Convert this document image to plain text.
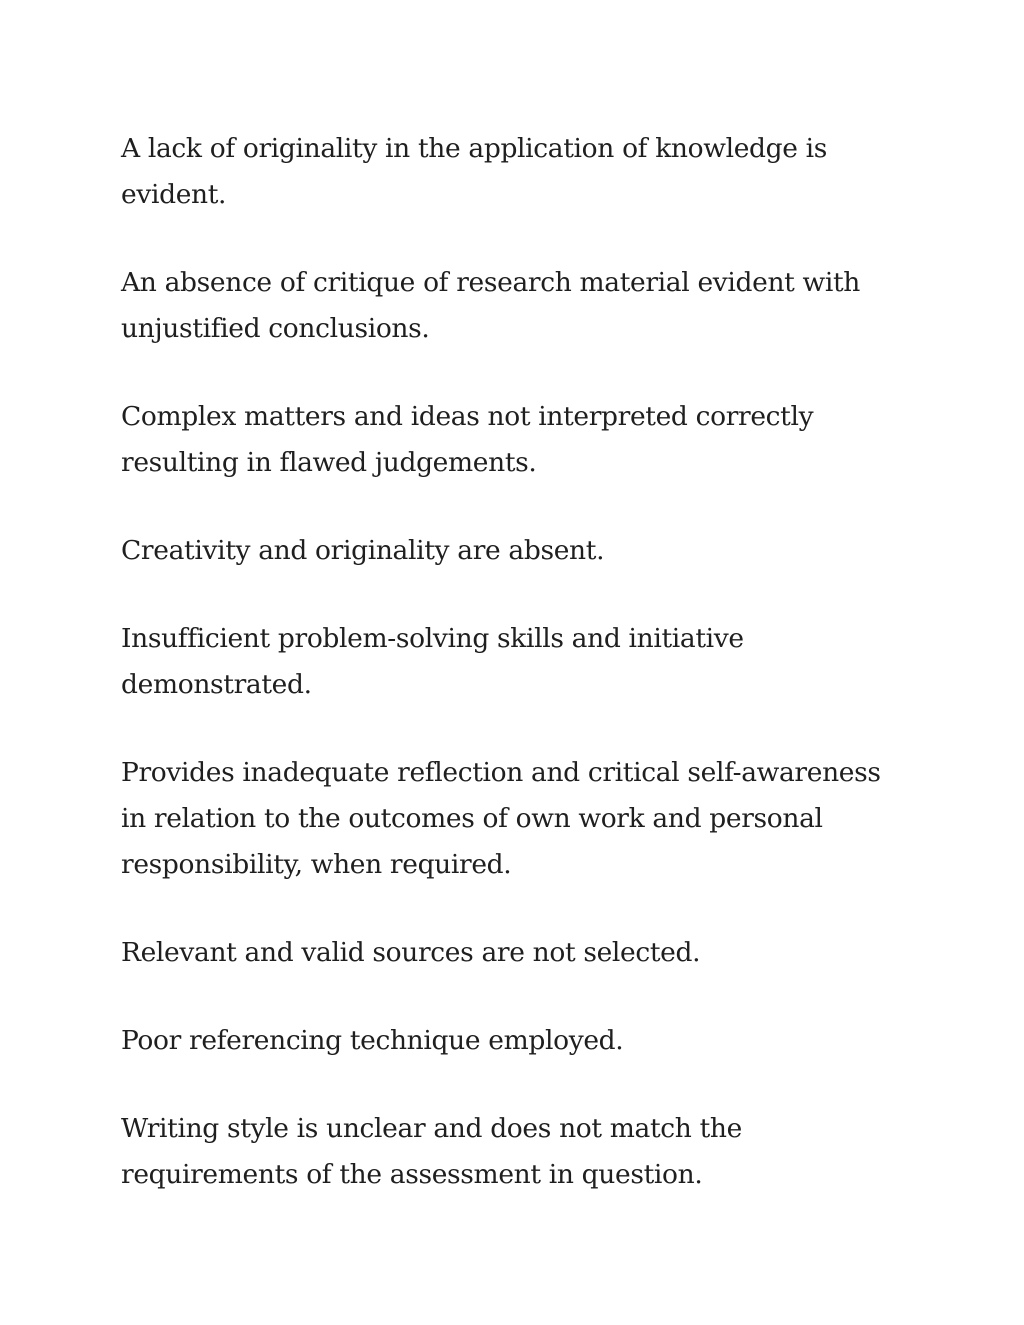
A lack of originality in the application of knowledge is evident.

An absence of critique of research material evident with unjustified conclusions.

Complex matters and ideas not interpreted correctly resulting in flawed judgements.

Creativity and originality are absent.

Insufficient problem-solving skills and initiative demonstrated.

Provides inadequate reflection and critical self-awareness in relation to the outcomes of own work and personal responsibility, when required.

Relevant and valid sources are not selected.

Poor referencing technique employed.

Writing style is unclear and does not match the requirements of the assessment in question.
